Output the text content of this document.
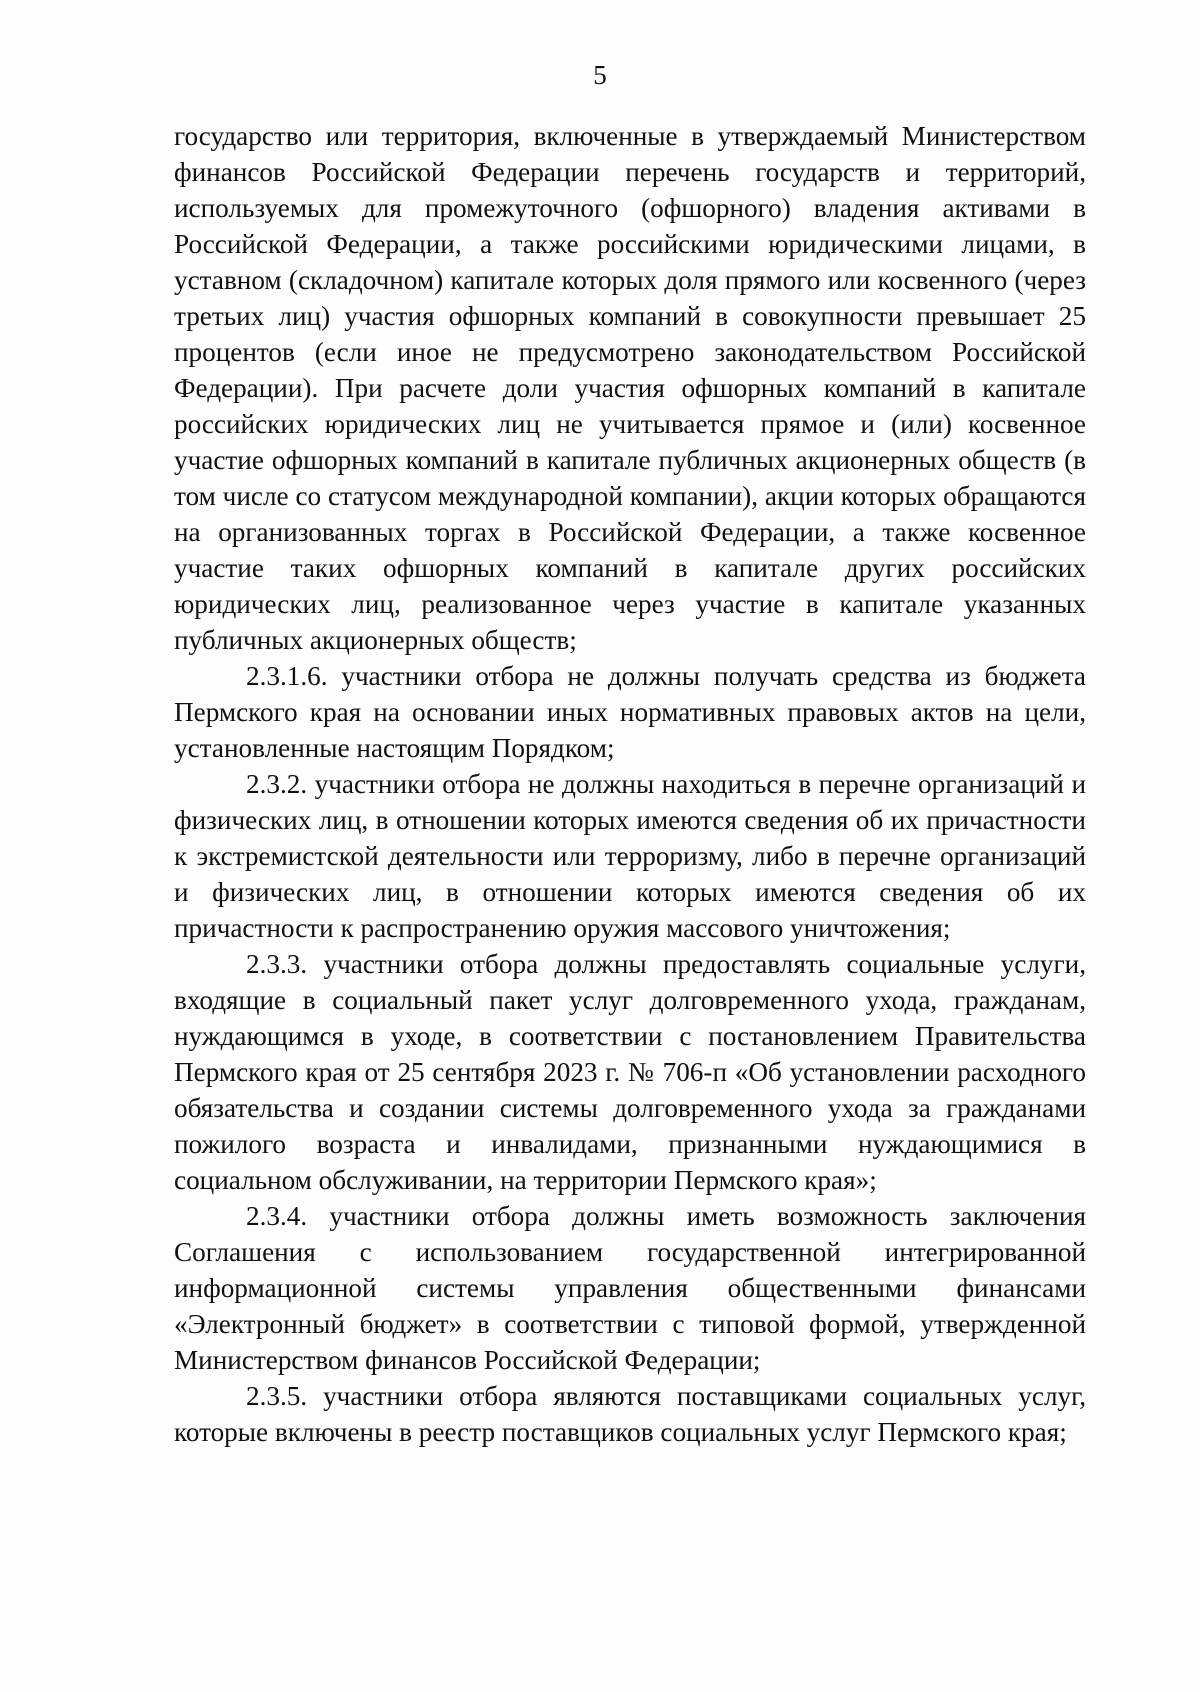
5

государство или территория, включенные в утверждаемый Министерством финансов Российской Федерации перечень государств и территорий, используемых для промежуточного (офшорного) владения активами в Российской Федерации, а также российскими юридическими лицами, в уставном (складочном) капитале которых доля прямого или косвенного (через третьих лиц) участия офшорных компаний в совокупности превышает 25 процентов (если иное не предусмотрено законодательством Российской Федерации). При расчете доли участия офшорных компаний в капитале российских юридических лиц не учитывается прямое и (или) косвенное участие офшорных компаний в капитале публичных акционерных обществ (в том числе со статусом международной компании), акции которых обращаются на организованных торгах в Российской Федерации, а также косвенное участие таких офшорных компаний в капитале других российских юридических лиц, реализованное через участие в капитале указанных публичных акционерных обществ;

2.3.1.6. участники отбора не должны получать средства из бюджета Пермского края на основании иных нормативных правовых актов на цели, установленные настоящим Порядком;

2.3.2. участники отбора не должны находиться в перечне организаций и физических лиц, в отношении которых имеются сведения об их причастности к экстремистской деятельности или терроризму, либо в перечне организаций и физических лиц, в отношении которых имеются сведения об их причастности к распространению оружия массового уничтожения;

2.3.3. участники отбора должны предоставлять социальные услуги, входящие в социальный пакет услуг долговременного ухода, гражданам, нуждающимся в уходе, в соответствии с постановлением Правительства Пермского края от 25 сентября 2023 г. № 706-п «Об установлении расходного обязательства и создании системы долговременного ухода за гражданами пожилого возраста и инвалидами, признанными нуждающимися в социальном обслуживании, на территории Пермского края»;

2.3.4. участники отбора должны иметь возможность заключения Соглашения с использованием государственной интегрированной информационной системы управления общественными финансами «Электронный бюджет» в соответствии с типовой формой, утвержденной Министерством финансов Российской Федерации;

2.3.5. участники отбора являются поставщиками социальных услуг, которые включены в реестр поставщиков социальных услуг Пермского края;
